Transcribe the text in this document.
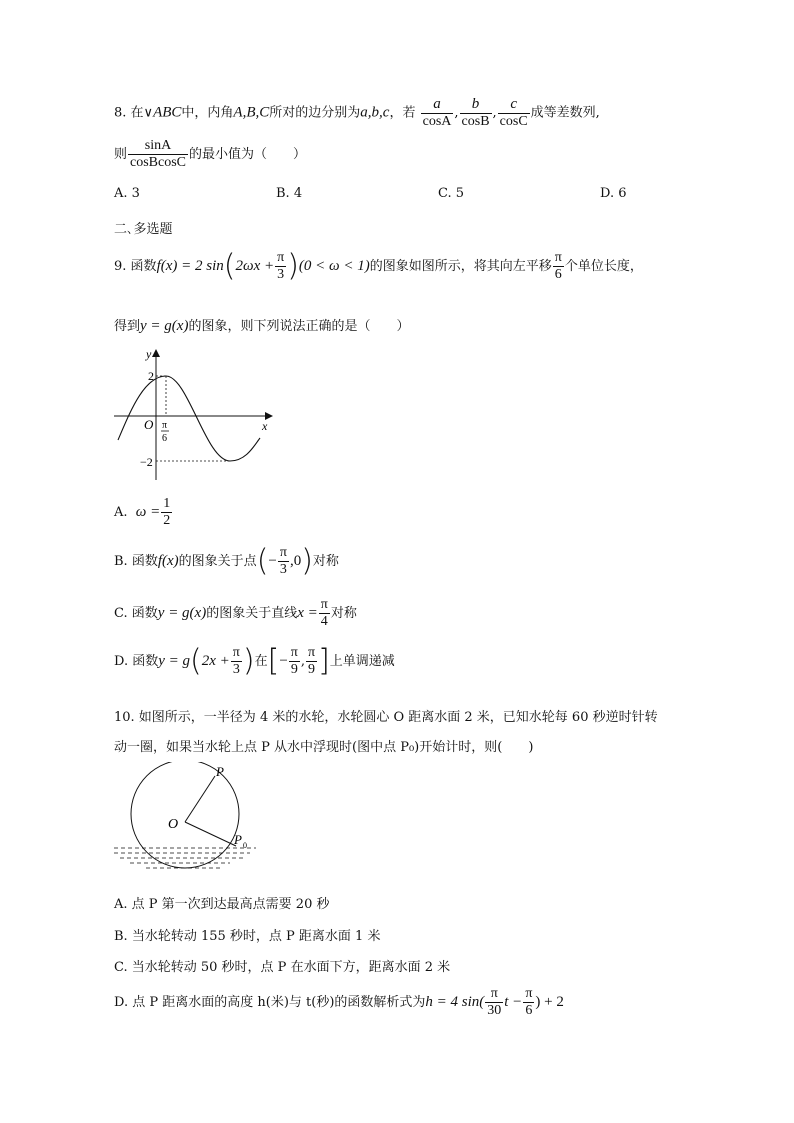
8. 在∨ABC中，内角A,B,C所对的边分别为a,b,c，若 $\frac{a}{\cos A}$ , $\frac{b}{\cos B}$ , $\frac{c}{\cos C}$ 成等差数列,
则 $\frac{\sin A}{\text{cosBcosC}}$ 的最小值为（　　）
A. 3	B. 4	C. 5	D. 6
二､多选题
9. 函数f(x) = 2 $\sin(2\omega x + \frac{\pi}{3} )(0 < \omega < 1)$的图象如图所示，将其向左平移 $\frac{\pi}{6}$ 个单位长度，
得到y = g(x)的图象，则下列说法正确的是（　　）
y
x
O
2
−2
π
6
A. $\omega = \frac{1}{2}$
B. 函数f(x)的图象关于点(− $\frac{\pi}{3} ,0$)对称
C. 函数y = g(x)的图象关于直线$x = \frac{\pi}{4}$ 对称
D. 函数$y = g(2x + \frac{\pi}{3}$ )在[− $\frac{\pi}{9}$ , $\frac{\pi}{9}$ ]上单调递减
10. 如图所示，一半径为 4 米的水轮，水轮圆心 O 距离水面 2 米，已知水轮每 60 秒逆时针转
动一圈，如果当水轮上点 P 从水中浮现时(图中点 P₀)开始计时，则(　　)
P
O
P 0
A. 点 P 第一次到达最高点需要 20 秒
B. 当水轮转动 155 秒时，点 P 距离水面 1 米
C. 当水轮转动 50 秒时，点 P 在水面下方，距离水面 2 米
D. 点 P 距离水面的高度 h(米)与 t(秒)的函数解析式为h = 4 $\sin( \frac{\pi}{30}$ $t - \frac{\pi}{6}$ ) + 2
